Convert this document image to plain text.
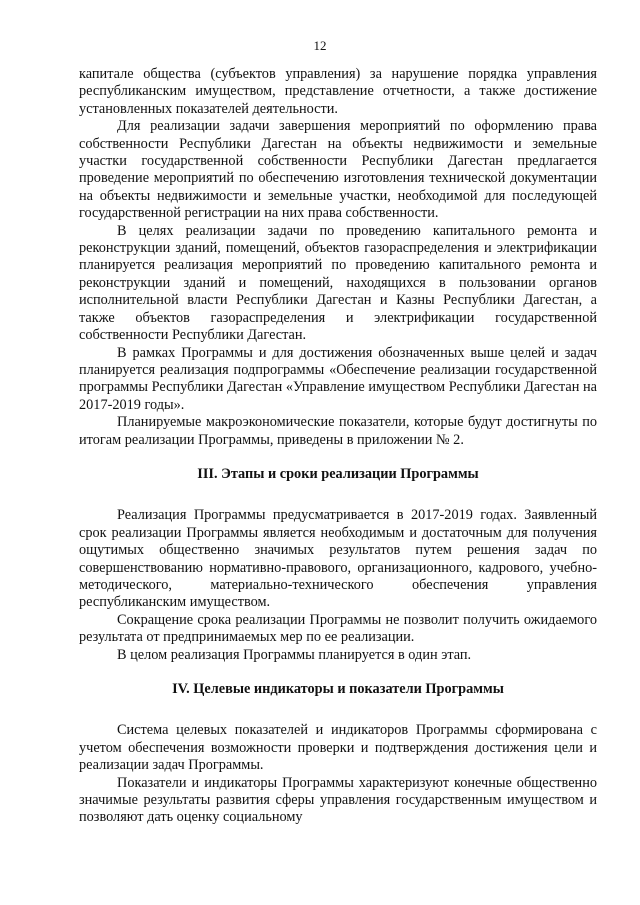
12

капитале общества (субъектов управления) за нарушение порядка управления республиканским имуществом, представление отчетности, а также достижение установленных показателей деятельности.

Для реализации задачи завершения мероприятий по оформлению права собственности Республики Дагестан на объекты недвижимости и земельные участки государственной собственности Республики Дагестан предлагается проведение мероприятий по обеспечению изготовления технической документации на объекты недвижимости и земельные участки, необходимой для последующей государственной регистрации на них права собственности.

В целях реализации задачи по проведению капитального ремонта и реконструкции зданий, помещений, объектов газораспределения и электрификации планируется реализация мероприятий по проведению капитального ремонта и реконструкции зданий и помещений, находящихся в пользовании органов исполнительной власти Республики Дагестан и Казны Республики Дагестан, а также объектов газораспределения и электрификации государственной собственности Республики Дагестан.

В рамках Программы и для достижения обозначенных выше целей и задач планируется реализация подпрограммы «Обеспечение реализации государственной программы Республики Дагестан «Управление имуществом Республики Дагестан на 2017-2019 годы».

Планируемые макроэкономические показатели, которые будут достигнуты по итогам реализации Программы, приведены в приложении № 2.

III. Этапы и сроки реализации Программы

Реализация Программы предусматривается в 2017-2019 годах. Заявленный срок реализации Программы является необходимым и достаточным для получения ощутимых общественно значимых результатов путем решения задач по совершенствованию нормативно-правового, организационного, кадрового, учебно-методического, материально-технического обеспечения управления республиканским имуществом.

Сокращение срока реализации Программы не позволит получить ожидаемого результата от предпринимаемых мер по ее реализации.

В целом реализация Программы планируется в один этап.

IV. Целевые индикаторы и показатели Программы

Система целевых показателей и индикаторов Программы сформирована с учетом обеспечения возможности проверки и подтверждения достижения цели и реализации задач Программы.

Показатели и индикаторы Программы характеризуют конечные общественно значимые результаты развития сферы управления государственным имуществом и позволяют дать оценку социальному
